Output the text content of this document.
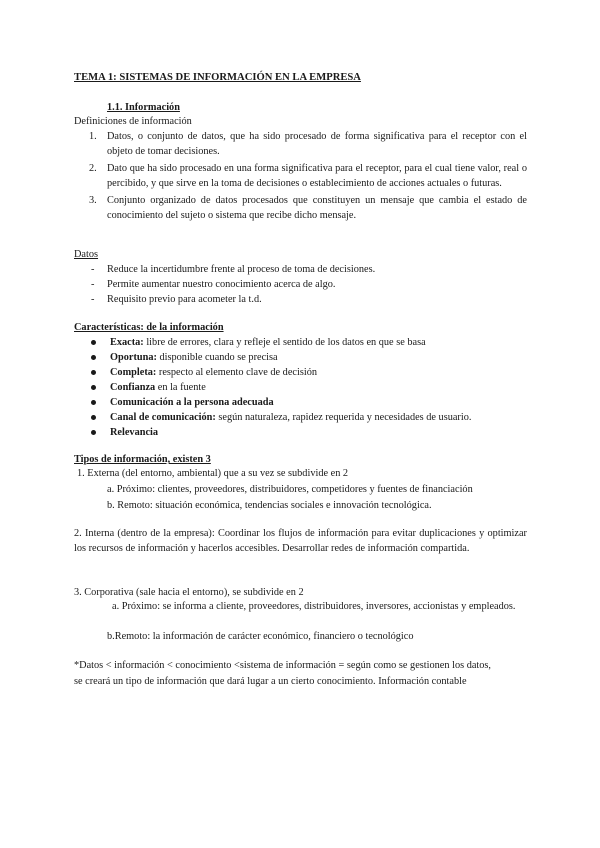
TEMA 1: SISTEMAS DE INFORMACIÓN EN LA EMPRESA
1.1. Información
Definiciones de información
1. Datos, o conjunto de datos, que ha sido procesado de forma significativa para el receptor con el objeto de tomar decisiones.
2. Dato que ha sido procesado en una forma significativa para el receptor, para el cual tiene valor, real o percibido, y que sirve en la toma de decisiones o establecimiento de acciones actuales o futuras.
3. Conjunto organizado de datos procesados que constituyen un mensaje que cambia el estado de conocimiento del sujeto o sistema que recibe dicho mensaje.
Datos
- Reduce la incertidumbre frente al proceso de toma de decisiones.
- Permite aumentar nuestro conocimiento acerca de algo.
- Requisito previo para acometer la t.d.
Características: de la información
Exacta: libre de errores, clara y refleje el sentido de los datos en que se basa
Oportuna: disponible cuando se precisa
Completa: respecto al elemento clave de decisión
Confianza en la fuente
Comunicación a la persona adecuada
Canal de comunicación: según naturaleza, rapidez requerida y necesidades de usuario.
Relevancia
Tipos de información, existen 3
1. Externa (del entorno, ambiental) que a su vez se subdivide en 2
a. Próximo: clientes, proveedores, distribuidores, competidores y fuentes de financiación
b. Remoto: situación económica, tendencias sociales e innovación tecnológica.
2. Interna (dentro de la empresa): Coordinar los flujos de información para evitar duplicaciones y optimizar los recursos de información y hacerlos accesibles. Desarrollar redes de información compartida.
3. Corporativa (sale hacia el entorno), se subdivide en 2
a. Próximo: se informa a cliente, proveedores, distribuidores, inversores, accionistas y empleados.
b.Remoto: la información de carácter económico, financiero o tecnológico
*Datos < información < conocimiento <sistema de información = según como se gestionen los datos,
se creará un tipo de información que dará lugar a un cierto conocimiento. Información contable
